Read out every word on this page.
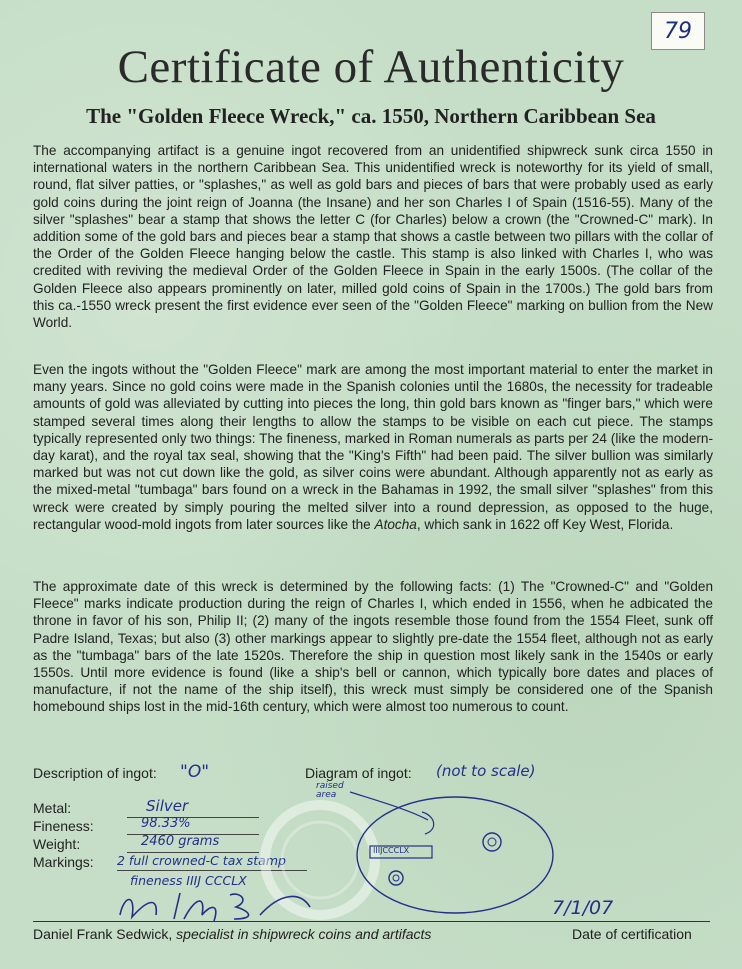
79
Certificate of Authenticity
The "Golden Fleece Wreck," ca. 1550, Northern Caribbean Sea
The accompanying artifact is a genuine ingot recovered from an unidentified shipwreck sunk circa 1550 in international waters in the northern Caribbean Sea. This unidentified wreck is noteworthy for its yield of small, round, flat silver patties, or "splashes," as well as gold bars and pieces of bars that were probably used as early gold coins during the joint reign of Joanna (the Insane) and her son Charles I of Spain (1516-55). Many of the silver "splashes" bear a stamp that shows the letter C (for Charles) below a crown (the "Crowned-C" mark). In addition some of the gold bars and pieces bear a stamp that shows a castle between two pillars with the collar of the Order of the Golden Fleece hanging below the castle. This stamp is also linked with Charles I, who was credited with reviving the medieval Order of the Golden Fleece in Spain in the early 1500s. (The collar of the Golden Fleece also appears prominently on later, milled gold coins of Spain in the 1700s.) The gold bars from this ca.-1550 wreck present the first evidence ever seen of the "Golden Fleece" marking on bullion from the New World.
Even the ingots without the "Golden Fleece" mark are among the most important material to enter the market in many years. Since no gold coins were made in the Spanish colonies until the 1680s, the necessity for tradeable amounts of gold was alleviated by cutting into pieces the long, thin gold bars known as "finger bars," which were stamped several times along their lengths to allow the stamps to be visible on each cut piece. The stamps typically represented only two things: The fineness, marked in Roman numerals as parts per 24 (like the modern-day karat), and the royal tax seal, showing that the "King's Fifth" had been paid. The silver bullion was similarly marked but was not cut down like the gold, as silver coins were abundant. Although apparently not as early as the mixed-metal "tumbaga" bars found on a wreck in the Bahamas in 1992, the small silver "splashes" from this wreck were created by simply pouring the melted silver into a round depression, as opposed to the huge, rectangular wood-mold ingots from later sources like the Atocha, which sank in 1622 off Key West, Florida.
The approximate date of this wreck is determined by the following facts: (1) The "Crowned-C" and "Golden Fleece" marks indicate production during the reign of Charles I, which ended in 1556, when he adbicated the throne in favor of his son, Philip II; (2) many of the ingots resemble those found from the 1554 Fleet, sunk off Padre Island, Texas; but also (3) other markings appear to slightly pre-date the 1554 fleet, although not as early as the "tumbaga" bars of the late 1520s. Therefore the ship in question most likely sank in the 1540s or early 1550s. Until more evidence is found (like a ship's bell or cannon, which typically bore dates and places of manufacture, if not the name of the ship itself), this wreck must simply be considered one of the Spanish homebound ships lost in the mid-16th century, which were almost too numerous to count.
Description of ingot: "O"	Diagram of ingot: (not to scale)
Metal:	Silver
Fineness:	98.33%
Weight:	2460 grams
Markings: 2 full crowned-C tax stamp
fineness IIIJ CCCLX
raised area
IIIJCCCLX
7/1/07
Daniel Frank Sedwick, specialist in shipwreck coins and artifacts	Date of certification
